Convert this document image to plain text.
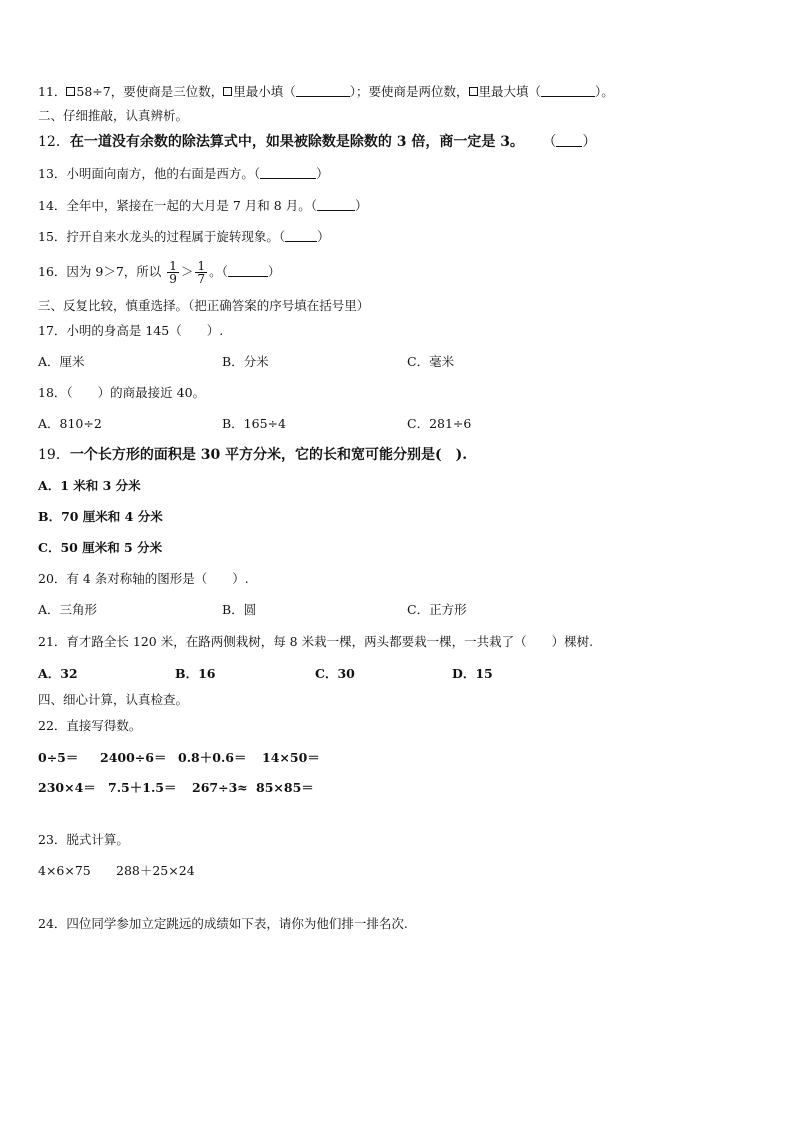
11． 58÷7，要使商是三位数， 里最小填（	）；要使商是两位数， 里最大填（	）。
二、仔细推敲，认真辨析。
12．在一道没有余数的除法算式中，如果被除数是除数的 3 倍，商一定是 3。 （ ）
13．小明面向南方，他的右面是西方。（	）
14．全年中，紧接在一起的大月是 7 月和 8 月。（	）
15．拧开自来水龙头的过程属于旋转现象。（	）
16．因为 9＞7，所以 $\frac{1}{9} > \frac{1}{7}$ 。（	）
三、反复比较，慎重选择。（把正确答案的序号填在括号里）
17．小明的身高是 145（　　）.
A．厘米	B．分米	C．毫米
18．（　　）的商最接近 40。
A．810÷2	B．165÷4	C．281÷6
19．一个长方形的面积是 30 平方分米，它的长和宽可能分别是(　).
A．1 米和 3 分米
B．70 厘米和 4 分米
C．50 厘米和 5 分米
20．有 4 条对称轴的图形是（　　）.
A．三角形	B．圆	C．正方形
21．育才路全长 120 米，在路两侧栽树，每 8 米栽一棵，两头都要栽一棵，一共栽了（　　）棵树.
A．32	B．16	C．30	D．15
四、细心计算，认真检查。
22．直接写得数。
0÷5＝ 2400÷6＝ 0.8＋0.6＝ 14×50＝
230×4＝ 7.5＋1.5＝ 267÷3≈ 85×85＝
23．脱式计算。
4×6×75 288＋25×24
24．四位同学参加立定跳远的成绩如下表，请你为他们排一排名次.
